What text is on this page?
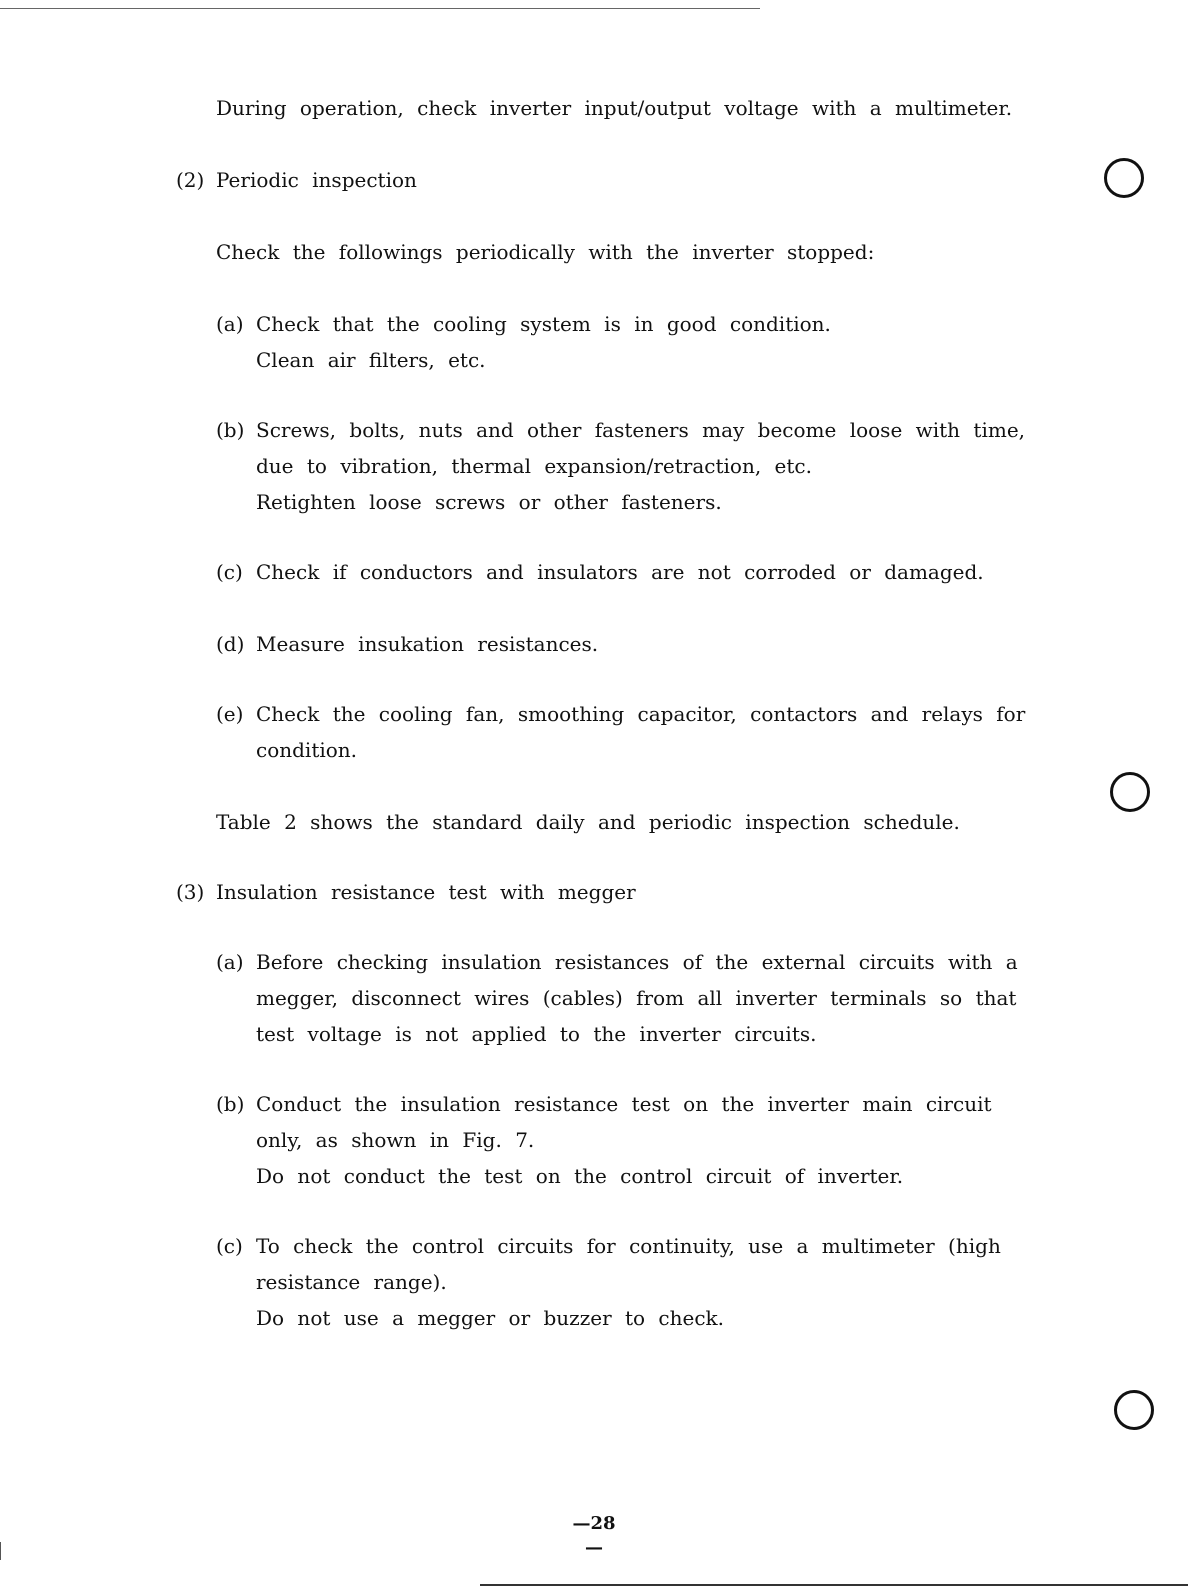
During operation, check inverter input/output voltage with a multimeter.
(2) Periodic inspection
Check the followings periodically with the inverter stopped:
(a) Check that the cooling system is in good condition.
Clean air filters, etc.
(b) Screws, bolts, nuts and other fasteners may become loose with time,
due to vibration, thermal expansion/retraction, etc.
Retighten loose screws or other fasteners.
(c) Check if conductors and insulators are not corroded or damaged.
(d) Measure insukation resistances.
(e) Check the cooling fan, smoothing capacitor, contactors and relays for
condition.
Table 2 shows the standard daily and periodic inspection schedule.
(3) Insulation resistance test with megger
(a) Before checking insulation resistances of the external circuits with a
megger, disconnect wires (cables) from all inverter terminals so that
test voltage is not applied to the inverter circuits.
(b) Conduct the insulation resistance test on the inverter main circuit
only, as shown in Fig. 7.
Do not conduct the test on the control circuit of inverter.
(c) To check the control circuits for continuity, use a multimeter (high
resistance range).
Do not use a megger or buzzer to check.
—28—
